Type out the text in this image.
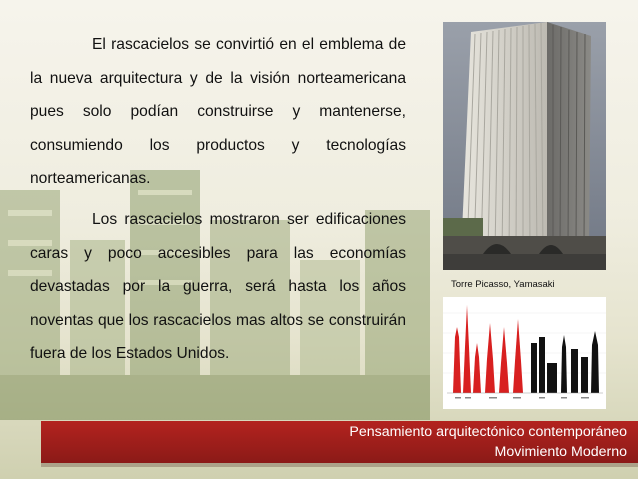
El rascacielos se convirtió en el emblema de la nueva arquitectura y de la visión norteamericana pues solo podían construirse y mantenerse, consumiendo los productos y tecnologías norteamericanas.

Los rascacielos mostraron ser edificaciones caras y poco accesibles para las economías devastadas por la guerra, será hasta los años noventas que los rascacielos mas altos se construirán fuera de los Estados Unidos.

Torre Picasso, Yamasaki
Pensamiento arquitectónico contemporáneo
Movimiento Moderno
